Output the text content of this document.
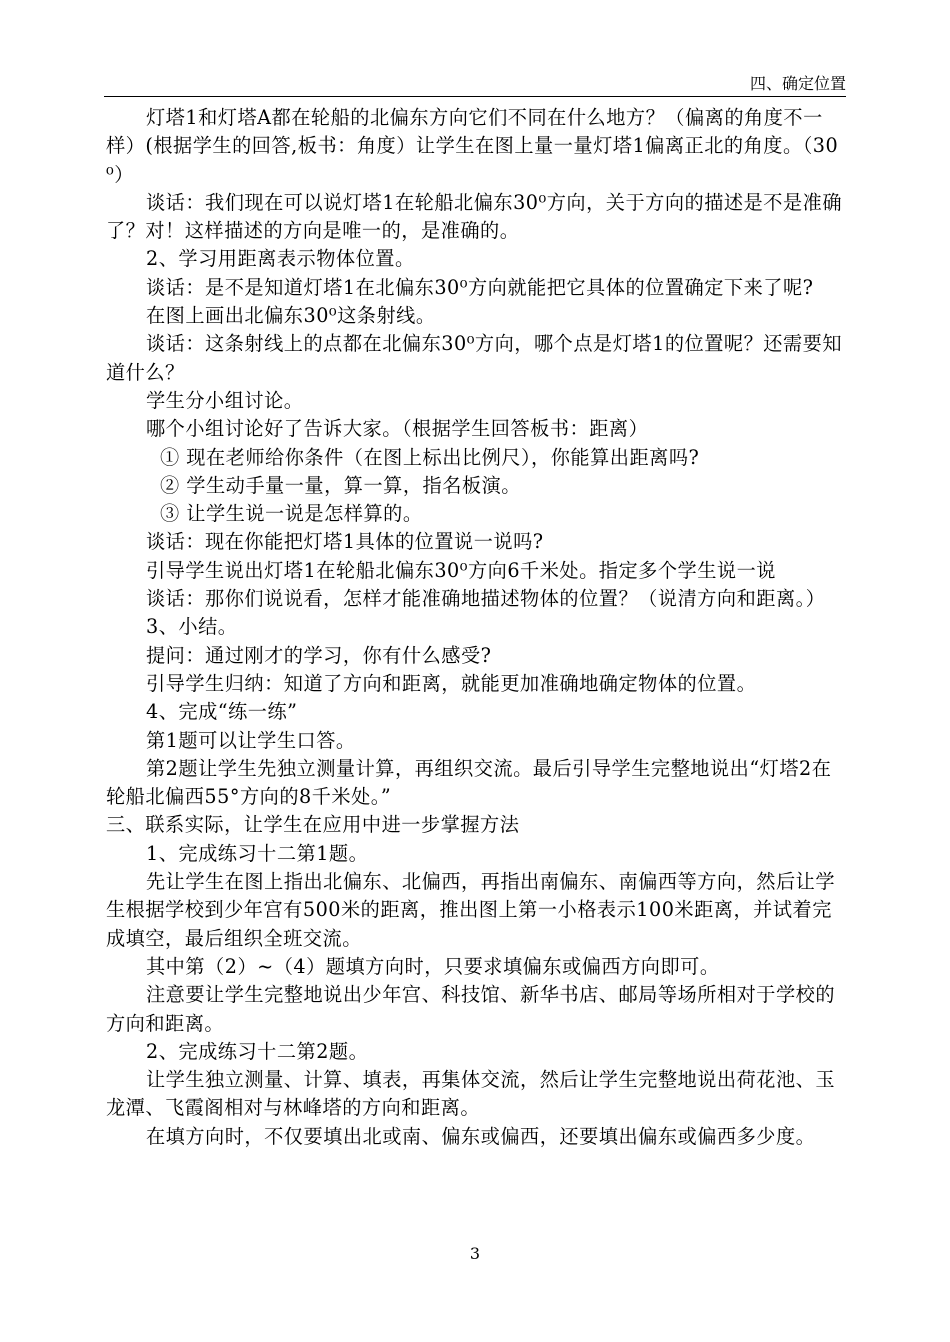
四、确定位置

灯塔1和灯塔A都在轮船的北偏东方向它们不同在什么地方？（偏离的角度不一样）(根据学生的回答,板书：角度）让学生在图上量一量灯塔1偏离正北的角度。（30⁰）

谈话：我们现在可以说灯塔1在轮船北偏东30⁰方向，关于方向的描述是不是准确了？对！这样描述的方向是唯一的，是准确的。

2、学习用距离表示物体位置。

谈话：是不是知道灯塔1在北偏东30⁰方向就能把它具体的位置确定下来了呢?

在图上画出北偏东30⁰这条射线。

谈话：这条射线上的点都在北偏东30⁰方向，哪个点是灯塔1的位置呢？还需要知道什么？

学生分小组讨论。

哪个小组讨论好了告诉大家。（根据学生回答板书：距离）

① 现在老师给你条件（在图上标出比例尺），你能算出距离吗?

② 学生动手量一量，算一算，指名板演。

③ 让学生说一说是怎样算的。

谈话：现在你能把灯塔1具体的位置说一说吗?

引导学生说出灯塔1在轮船北偏东30⁰方向6千米处。指定多个学生说一说

谈话：那你们说说看，怎样才能准确地描述物体的位置？（说清方向和距离。）

3、小结。

提问：通过刚才的学习，你有什么感受?

引导学生归纳：知道了方向和距离，就能更加准确地确定物体的位置。

4、完成“练一练”

第1题可以让学生口答。

第2题让学生先独立测量计算，再组织交流。最后引导学生完整地说出“灯塔2在轮船北偏西55°方向的8千米处。”

三、联系实际，让学生在应用中进一步掌握方法

1、完成练习十二第1题。

先让学生在图上指出北偏东、北偏西，再指出南偏东、南偏西等方向，然后让学生根据学校到少年宫有500米的距离，推出图上第一小格表示100米距离，并试着完成填空，最后组织全班交流。

其中第（2）~（4）题填方向时，只要求填偏东或偏西方向即可。

注意要让学生完整地说出少年宫、科技馆、新华书店、邮局等场所相对于学校的方向和距离。

2、完成练习十二第2题。

让学生独立测量、计算、填表，再集体交流，然后让学生完整地说出荷花池、玉龙潭、飞霞阁相对与林峰塔的方向和距离。

在填方向时，不仅要填出北或南、偏东或偏西，还要填出偏东或偏西多少度。

3
